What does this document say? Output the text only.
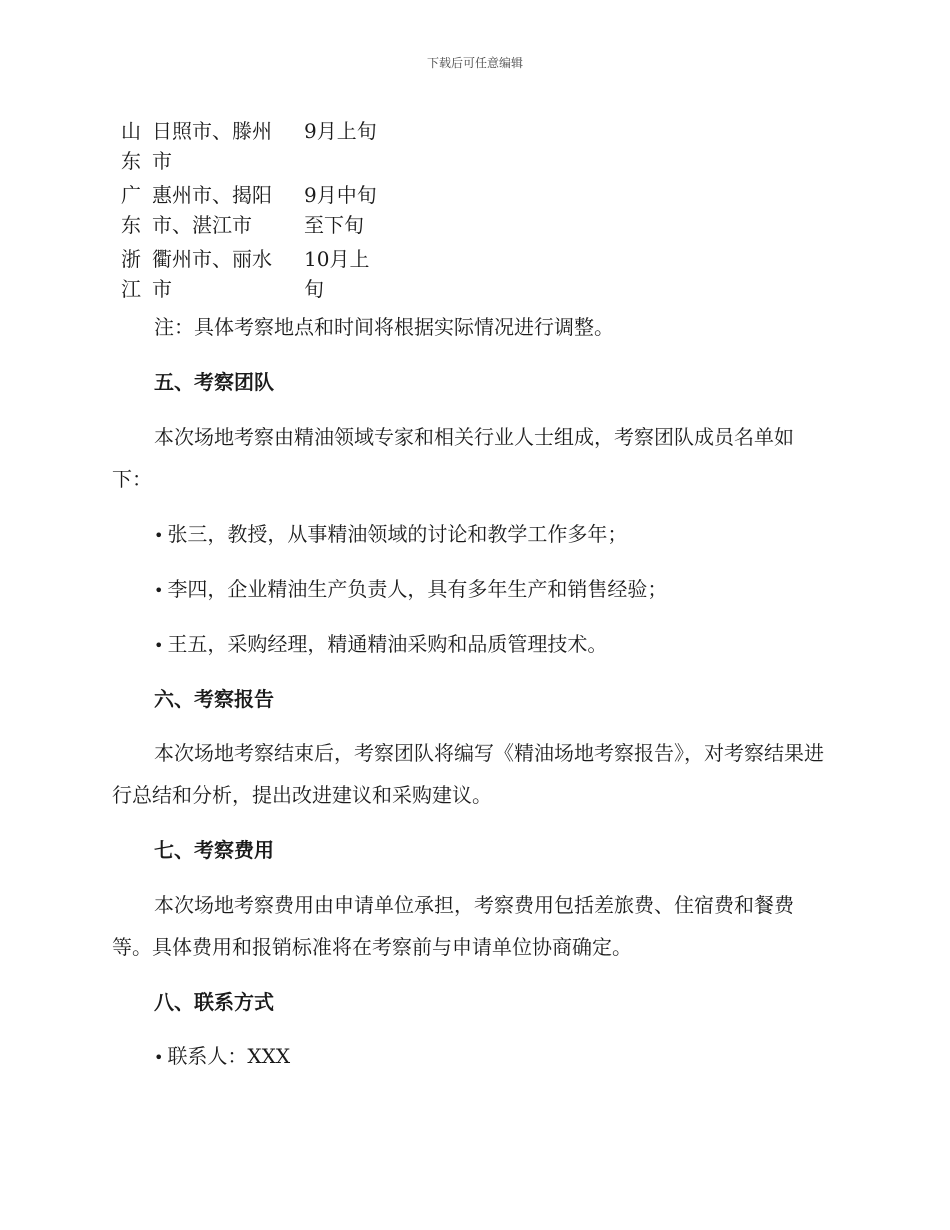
下载后可任意编辑
山
东
日照市、滕州
市
9月上旬
广
东
惠州市、揭阳
市、湛江市
9月中旬
至下旬
浙
江
衢州市、丽水
市
10月上
旬

注：具体考察地点和时间将根据实际情况进行调整。

五、考察团队

本次场地考察由精油领域专家和相关行业人士组成，考察团队成员名单如下：

• 张三，教授，从事精油领域的讨论和教学工作多年；

• 李四，企业精油生产负责人，具有多年生产和销售经验；

• 王五，采购经理，精通精油采购和品质管理技术。

六、考察报告

本次场地考察结束后，考察团队将编写《精油场地考察报告》，对考察结果进行总结和分析，提出改进建议和采购建议。

七、考察费用

本次场地考察费用由申请单位承担，考察费用包括差旅费、住宿费和餐费等。具体费用和报销标准将在考察前与申请单位协商确定。

八、联系方式

• 联系人：XXX
